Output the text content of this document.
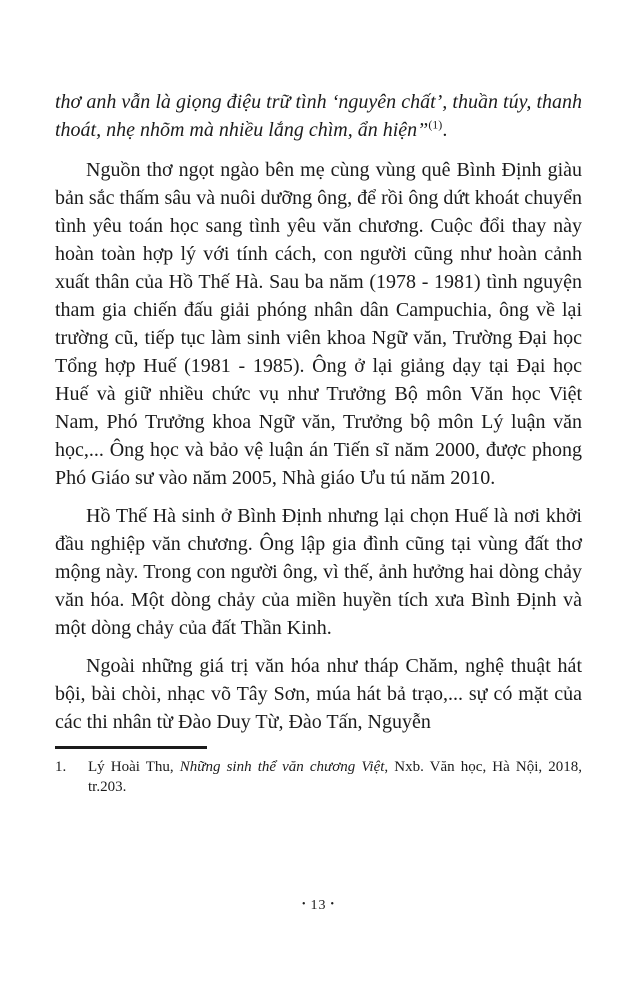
thơ anh vẫn là giọng điệu trữ tình ‘nguyên chất’, thuần túy, thanh thoát, nhẹ nhõm mà nhiều lắng chìm, ẩn hiện”$^{(1)}$.

Nguồn thơ ngọt ngào bên mẹ cùng vùng quê Bình Định giàu bản sắc thấm sâu và nuôi dưỡng ông, để rồi ông dứt khoát chuyển tình yêu toán học sang tình yêu văn chương. Cuộc đổi thay này hoàn toàn hợp lý với tính cách, con người cũng như hoàn cảnh xuất thân của Hồ Thế Hà. Sau ba năm (1978 - 1981) tình nguyện tham gia chiến đấu giải phóng nhân dân Campuchia, ông về lại trường cũ, tiếp tục làm sinh viên khoa Ngữ văn, Trường Đại học Tổng hợp Huế (1981 - 1985). Ông ở lại giảng dạy tại Đại học Huế và giữ nhiều chức vụ như Trưởng Bộ môn Văn học Việt Nam, Phó Trưởng khoa Ngữ văn, Trưởng bộ môn Lý luận văn học,... Ông học và bảo vệ luận án Tiến sĩ năm 2000, được phong Phó Giáo sư vào năm 2005, Nhà giáo Ưu tú năm 2010.

Hồ Thế Hà sinh ở Bình Định nhưng lại chọn Huế là nơi khởi đầu nghiệp văn chương. Ông lập gia đình cũng tại vùng đất thơ mộng này. Trong con người ông, vì thế, ảnh hưởng hai dòng chảy văn hóa. Một dòng chảy của miền huyền tích xưa Bình Định và một dòng chảy của đất Thần Kinh.

Ngoài những giá trị văn hóa như tháp Chăm, nghệ thuật hát bội, bài chòi, nhạc võ Tây Sơn, múa hát bả trạo,... sự có mặt của các thi nhân từ Đào Duy Từ, Đào Tấn, Nguyễn

1.	Lý Hoài Thu, Những sinh thể văn chương Việt, Nxb. Văn học, Hà Nội, 2018, tr.203.
• 13 •
